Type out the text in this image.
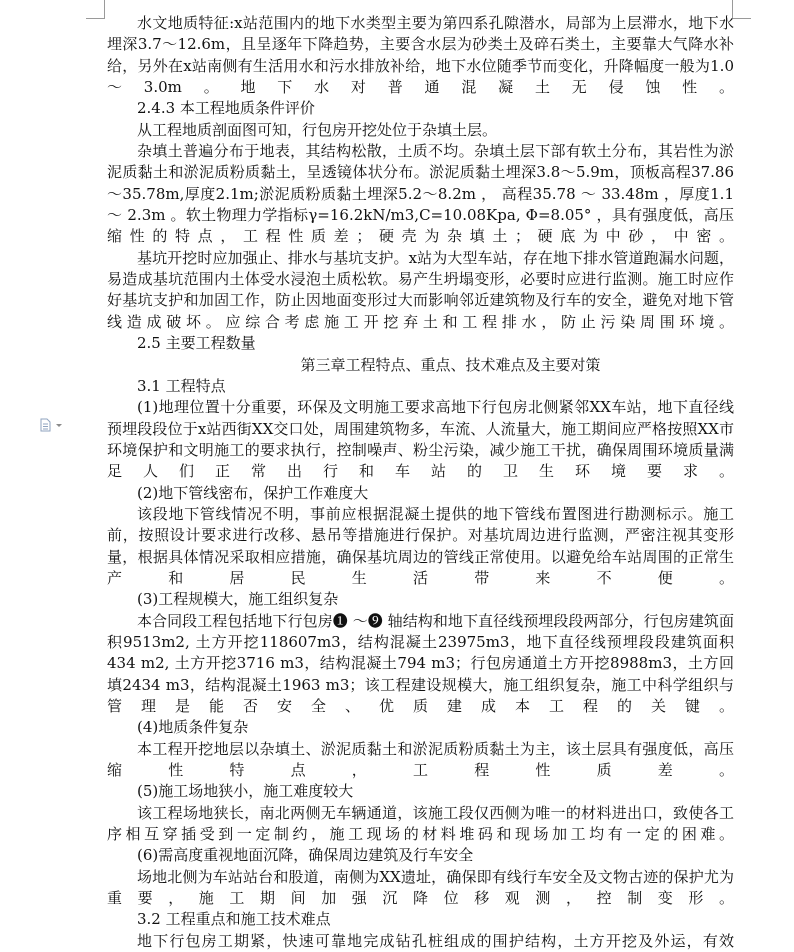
水文地质特征:x站范围内的地下水类型主要为第四系孔隙潜水，局部为上层滞水，地下水埋深3.7～12.6m，且呈逐年下降趋势，主要含水层为砂类土及碎石类土，主要靠大气降水补给，另外在x站南侧有生活用水和污水排放补给，地下水位随季节而变化，升降幅度一般为1.0～3.0m。地下水对普通混凝土无侵蚀性。

2.4.3 本工程地质条件评价

从工程地质剖面图可知，行包房开挖处位于杂填土层。

杂填土普遍分布于地表，其结构松散，土质不均。杂填土层下部有软土分布，其岩性为淤泥质黏土和淤泥质粉质黏土，呈透镜体状分布。淤泥质黏土埋深3.8～5.9m，顶板高程37.86～35.78m,厚度2.1m;淤泥质粉质黏土埋深5.2～8.2m ， 高程35.78 ～ 33.48m ，厚度1.1 ～ 2.3m 。软土物理力学指标γ=16.2kN/m3,C=10.08Kpa, Φ=8.05° ，具有强度低，高压缩性的特点，工程性质差；硬壳为杂填土；硬底为中砂，中密。

基坑开挖时应加强止、排水与基坑支护。x站为大型车站，存在地下排水管道跑漏水问题，易造成基坑范围内土体受水浸泡土质松软。易产生坍塌变形，必要时应进行监测。施工时应作好基坑支护和加固工作，防止因地面变形过大而影响邻近建筑物及行车的安全，避免对地下管线造成破坏。应综合考虑施工开挖弃土和工程排水，防止污染周围环境。

2.5 主要工程数量

第三章工程特点、重点、技术难点及主要对策

3.1 工程特点

(1)地理位置十分重要，环保及文明施工要求高地下行包房北侧紧邻XX车站，地下直径线预埋段段位于x站西街XX交口处，周围建筑物多，车流、人流量大，施工期间应严格按照XX市环境保护和文明施工的要求执行，控制噪声、粉尘污染，减少施工干扰，确保周围环境质量满足人们正常出行和车站的卫生环境要求。

(2)地下管线密布，保护工作难度大

该段地下管线情况不明，事前应根据混凝土提供的地下管线布置图进行勘测标示。施工前，按照设计要求进行改移、悬吊等措施进行保护。对基坑周边进行监测，严密注视其变形量，根据具体情况采取相应措施，确保基坑周边的管线正常使用。以避免给车站周围的正常生产和居民生活带来不便。

(3)工程规模大，施工组织复杂

本合同段工程包括地下行包房❶ ～❾ 轴结构和地下直径线预埋段段两部分，行包房建筑面积9513m2, 土方开挖118607m3，结构混凝土23975m3，地下直径线预埋段段建筑面积434 m2, 土方开挖3716 m3，结构混凝土794 m3；行包房通道土方开挖8988m3，土方回填2434 m3，结构混凝土1963 m3；该工程建设规模大，施工组织复杂，施工中科学组织与管理是能否安全、优质建成本工程的关键。

(4)地质条件复杂

本工程开挖地层以杂填土、淤泥质黏土和淤泥质粉质黏土为主，该土层具有强度低，高压缩性特点，工程性质差。

(5)施工场地狭小，施工难度较大

该工程场地狭长，南北两侧无车辆通道，该施工段仅西侧为唯一的材料进出口，致使各工序相互穿插受到一定制约，施工现场的材料堆码和现场加工均有一定的困难。

(6)需高度重视地面沉降，确保周边建筑及行车安全

场地北侧为车站站台和股道，南侧为XX遗址，确保即有线行车安全及文物古迹的保护尤为重要，施工期间加强沉降位移观测，控制变形。

3.2 工程重点和施工技术难点

地下行包房工期紧，快速可靠地完成钻孔桩组成的围护结构，土方开挖及外运，有效
